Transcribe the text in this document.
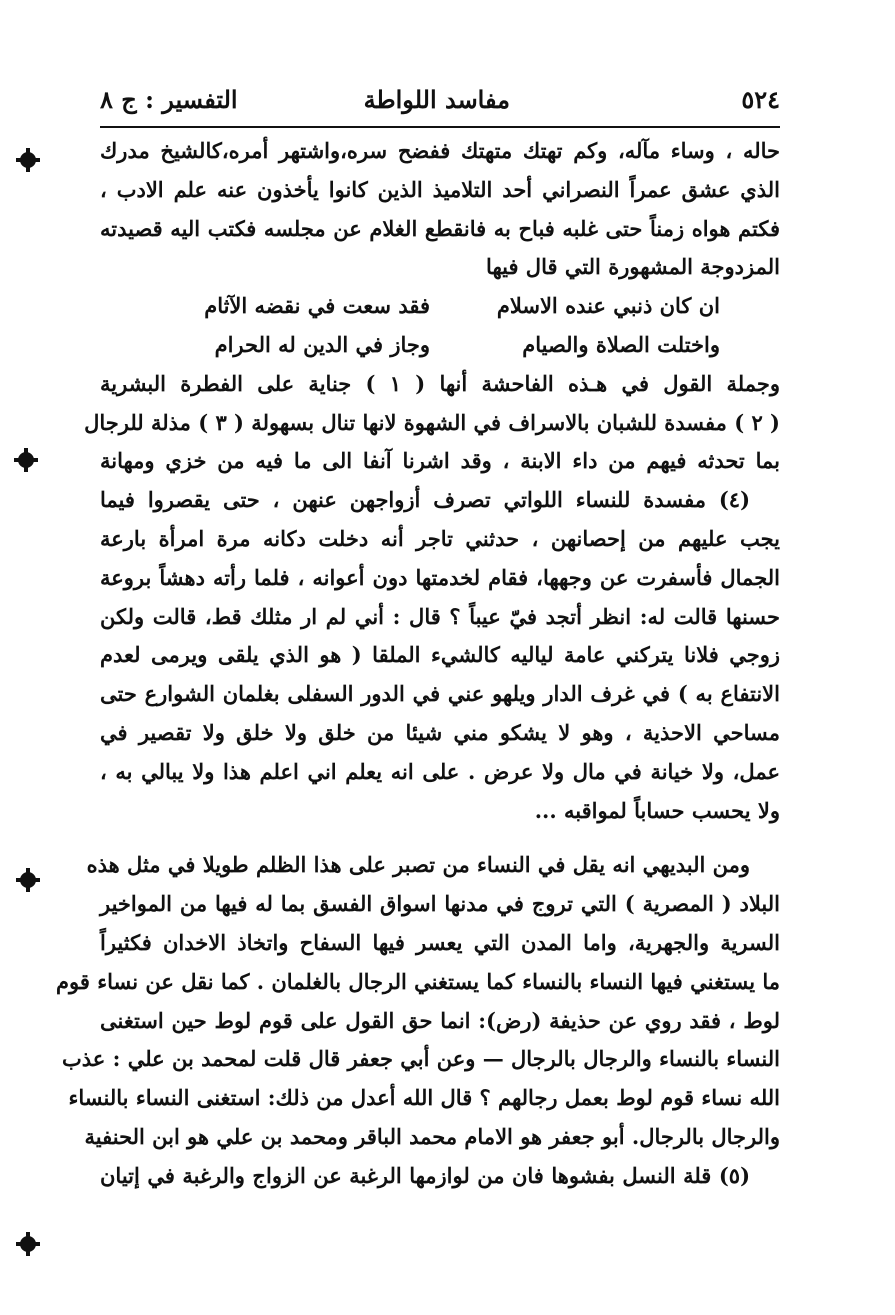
٥٢٤
مفاسد اللواطة
التفسير : ج ٨
حاله ، وساء مآله، وكم تهتك متهتك ففضح سره،واشتهر أمره،كالشيخ مدرك
الذي عشق عمراً النصراني أحد التلاميذ الذين كانوا يأخذون عنه علم الادب ،
فكتم هواه زمناً حتى غلبه فباح به فانقطع الغلام عن مجلسه فكتب اليه قصيدته
المزدوجة المشهورة التي قال فيها
ان كان ذنبي عنده الاسلام
فقد سعت في نقضه الآثام
واختلت الصلاة والصيام
وجاز في الدين له الحرام
وجملة القول في هـذه الفاحشة أنها ( ١ ) جناية على الفطرة البشرية
( ٢ ) مفسدة للشبان بالاسراف في الشهوة لانها تنال بسهولة ( ٣ ) مذلة للرجال
بما تحدثه فيهم من داء الابنة ، وقد اشرنا آنفا الى ما فيه من خزي ومهانة
(٤) مفسدة للنساء اللواتي تصرف أزواجهن عنهن ، حتى يقصروا فيما
يجب عليهم من إحصانهن ، حدثني تاجر أنه دخلت دكانه مرة امرأة بارعة
الجمال فأسفرت عن وجهها، فقام لخدمتها دون أعوانه ، فلما رأته دهشاً بروعة
حسنها قالت له: انظر أتجد فيّ عيباً ؟ قال : أني لم ار مثلك قط، قالت ولكن
زوجي فلانا يتركني عامة لياليه كالشيء الملقا ( هو الذي يلقى ويرمى لعدم
الانتفاع به ) في غرف الدار ويلهو عني في الدور السفلى بغلمان الشوارع حتى
مساحي الاحذية ، وهو لا يشكو مني شيئا من خلق ولا خلق ولا تقصير في
عمل، ولا خيانة في مال ولا عرض . على انه يعلم اني اعلم هذا ولا يبالي به ،
ولا يحسب حساباً لمواقبه ...
ومن البديهي انه يقل في النساء من تصبر على هذا الظلم طويلا في مثل هذه
البلاد ( المصرية ) التي تروج في مدنها اسواق الفسق بما له فيها من المواخير
السرية والجهرية، واما المدن التي يعسر فيها السفاح واتخاذ الاخدان فكثيراً
ما يستغني فيها النساء بالنساء كما يستغني الرجال بالغلمان . كما نقل عن نساء قوم
لوط ، فقد روي عن حذيفة (رض): انما حق القول على قوم لوط حين استغنى
النساء بالنساء والرجال بالرجال — وعن أبي جعفر قال قلت لمحمد بن علي : عذب
الله نساء قوم لوط بعمل رجالهم ؟ قال الله أعدل من ذلك: استغنى النساء بالنساء
والرجال بالرجال. أبو جعفر هو الامام محمد الباقر ومحمد بن علي هو ابن الحنفية
(٥) قلة النسل بفشوها فان من لوازمها الرغبة عن الزواج والرغبة في إتيان
